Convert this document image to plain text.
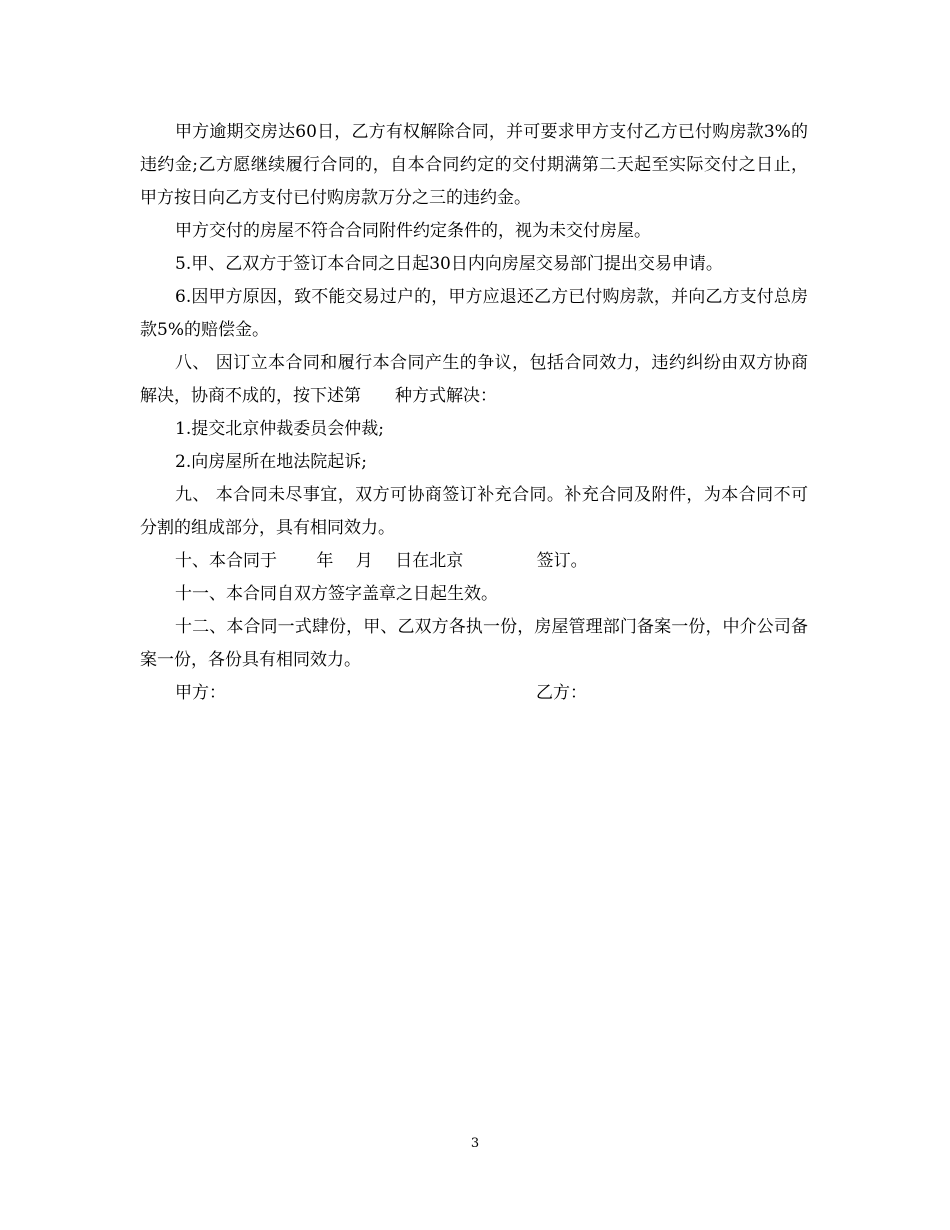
甲方逾期交房达60日，乙方有权解除合同，并可要求甲方支付乙方已付购房款3%的违约金;乙方愿继续履行合同的，自本合同约定的交付期满第二天起至实际交付之日止，甲方按日向乙方支付已付购房款万分之三的违约金。

甲方交付的房屋不符合合同附件约定条件的，视为未交付房屋。

5.甲、乙双方于签订本合同之日起30日内向房屋交易部门提出交易申请。

6.因甲方原因，致不能交易过户的，甲方应退还乙方已付购房款，并向乙方支付总房款5%的赔偿金。

八、 因订立本合同和履行本合同产生的争议，包括合同效力，违约纠纷由双方协商解决，协商不成的，按下述第　　种方式解决：

1.提交北京仲裁委员会仲裁;

2.向房屋所在地法院起诉;

九、 本合同未尽事宜，双方可协商签订补充合同。补充合同及附件，为本合同不可分割的组成部分，具有相同效力。

十、本合同于　　 年　 月　 日在北京　　　　 签订。

十一、本合同自双方签字盖章之日起生效。

十二、本合同一式肆份，甲、乙双方各执一份，房屋管理部门备案一份，中介公司备案一份，各份具有相同效力。

甲方：	乙方：
3
